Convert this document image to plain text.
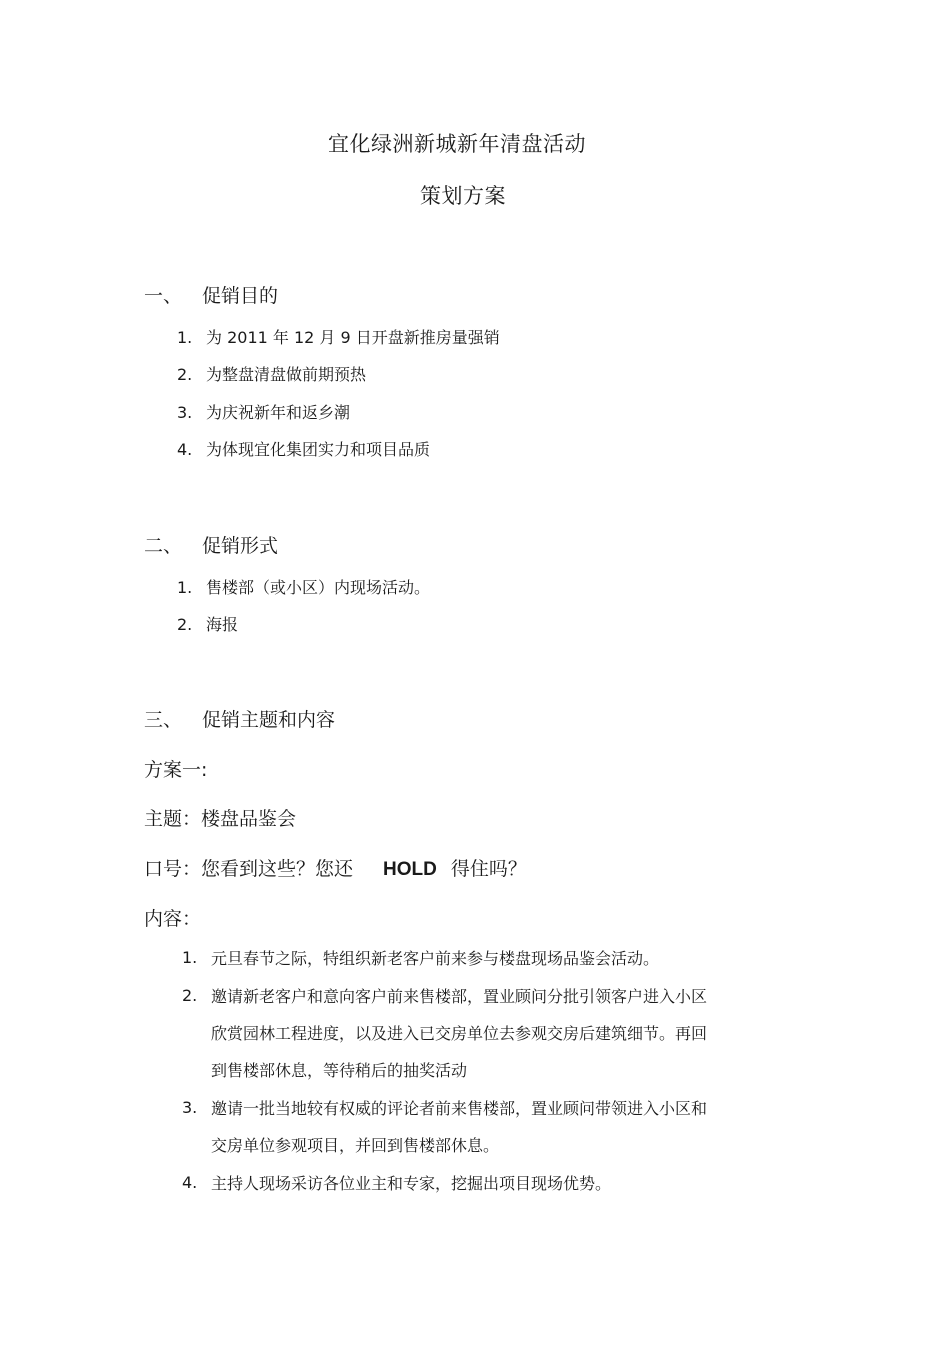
宜化绿洲新城新年清盘活动
策划方案
一、 促销目的
1. 为 2011 年 12 月 9 日开盘新推房量强销
2. 为整盘清盘做前期预热
3. 为庆祝新年和返乡潮
4. 为体现宜化集团实力和项目品质
二、 促销形式
1. 售楼部（或小区）内现场活动。
2. 海报
三、 促销主题和内容
方案一:
主题：楼盘品鉴会
口号：您看到这些？您还 HOLD 得住吗？
内容：
1. 元旦春节之际，特组织新老客户前来参与楼盘现场品鉴会活动。
2. 邀请新老客户和意向客户前来售楼部，置业顾问分批引领客户进入小区
欣赏园林工程进度，以及进入已交房单位去参观交房后建筑细节。再回
到售楼部休息，等待稍后的抽奖活动
3. 邀请一批当地较有权威的评论者前来售楼部，置业顾问带领进入小区和
交房单位参观项目，并回到售楼部休息。
4. 主持人现场采访各位业主和专家，挖掘出项目现场优势。
